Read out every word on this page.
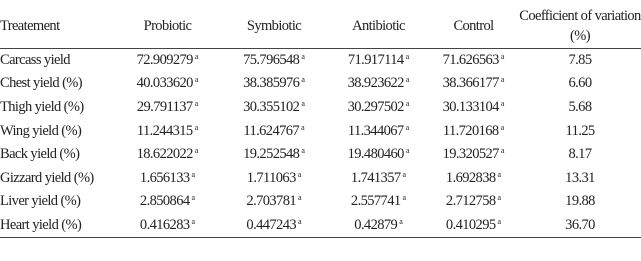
Treatement	Probiotic	Symbiotic	Antibiotic	Control	Coefficient of variation (%)
Carcass yield	72.909279 $^a$	75.796548 $^a$	71.917114 $^a$	71.626563 $^a$	7.85
Chest yield (%)	40.033620 $^a$	38.385976 $^a$	38.923622 $^a$	38.366177 $^a$	6.60
Thigh yield (%)	29.791137 $^a$	30.355102 $^a$	30.297502 $^a$	30.133104 $^a$	5.68
Wing yield (%)	11.244315 $^a$	11.624767 $^a$	11.344067 $^a$	11.720168 $^a$	11.25
Back yield (%)	18.622022 $^a$	19.252548 $^a$	19.480460 $^a$	19.320527 $^a$	8.17
Gizzard yield (%)	1.656133 $^a$	1.711063 $^a$	1.741357 $^a$	1.692838 $^a$	13.31
Liver yield (%)	2.850864 $^a$	2.703781 $^a$	2.557741 $^a$	2.712758 $^a$	19.88
Heart yield (%)	0.416283 $^a$	0.447243 $^a$	0.42879 $^a$	0.410295 $^a$	36.70
